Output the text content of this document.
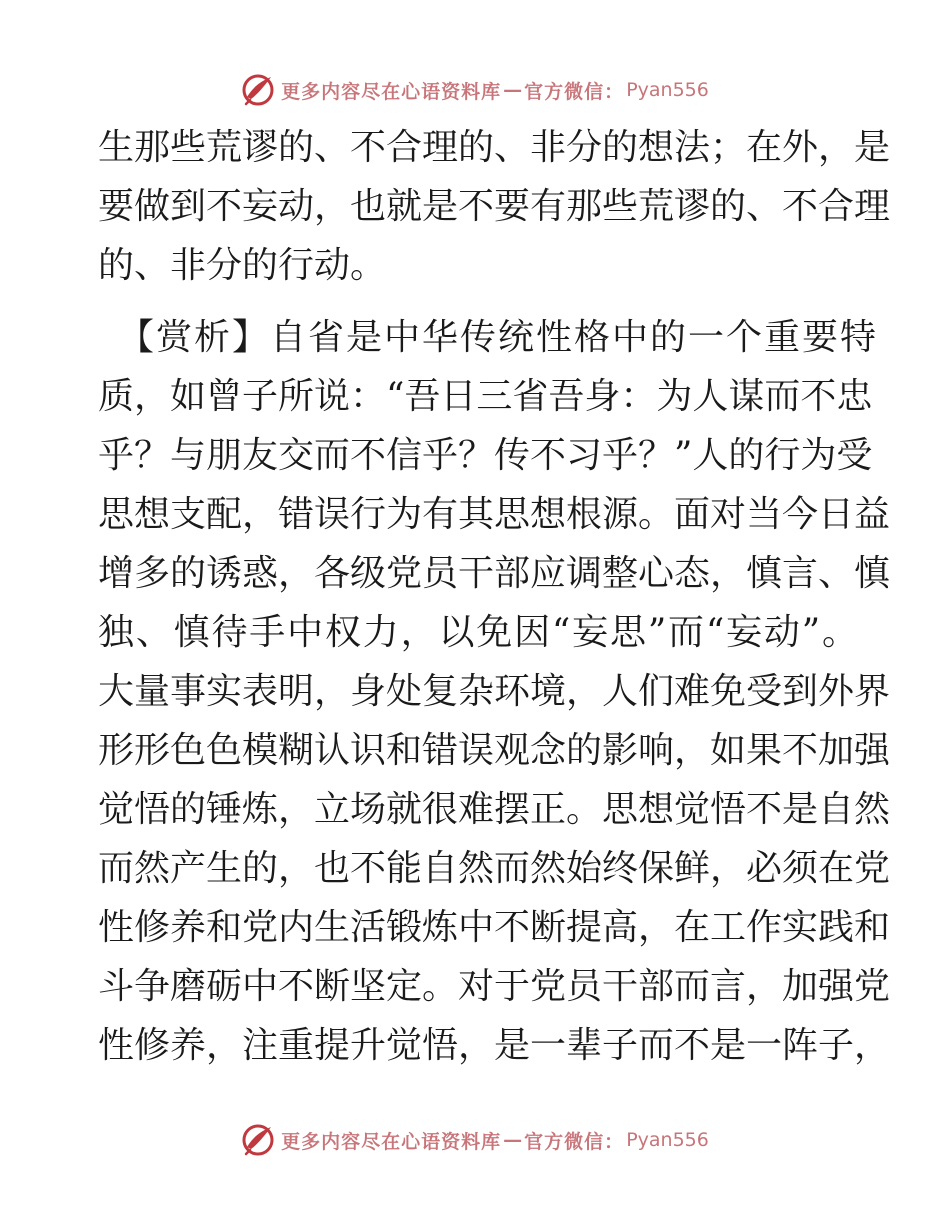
更多内容尽在心语资料库 — 官方微信： Pyan556
生那些荒谬的、不合理的、非分的想法；在外，是
要做到不妄动，也就是不要有那些荒谬的、不合理
的、非分的行动。
【赏析】自省是中华传统性格中的一个重要特
质，如曾子所说：“吾日三省吾身：为人谋而不忠
乎？与朋友交而不信乎？传不习乎？”人的行为受
思想支配，错误行为有其思想根源。面对当今日益
增多的诱惑，各级党员干部应调整心态，慎言、慎
独、慎待手中权力，以免因“妄思”而“妄动”。
大量事实表明，身处复杂环境，人们难免受到外界
形形色色模糊认识和错误观念的影响，如果不加强
觉悟的锤炼，立场就很难摆正。思想觉悟不是自然
而然产生的，也不能自然而然始终保鲜，必须在党
性修养和党内生活锻炼中不断提高，在工作实践和
斗争磨砺中不断坚定。对于党员干部而言，加强党
性修养，注重提升觉悟，是一辈子而不是一阵子，
更多内容尽在心语资料库 — 官方微信： Pyan556
